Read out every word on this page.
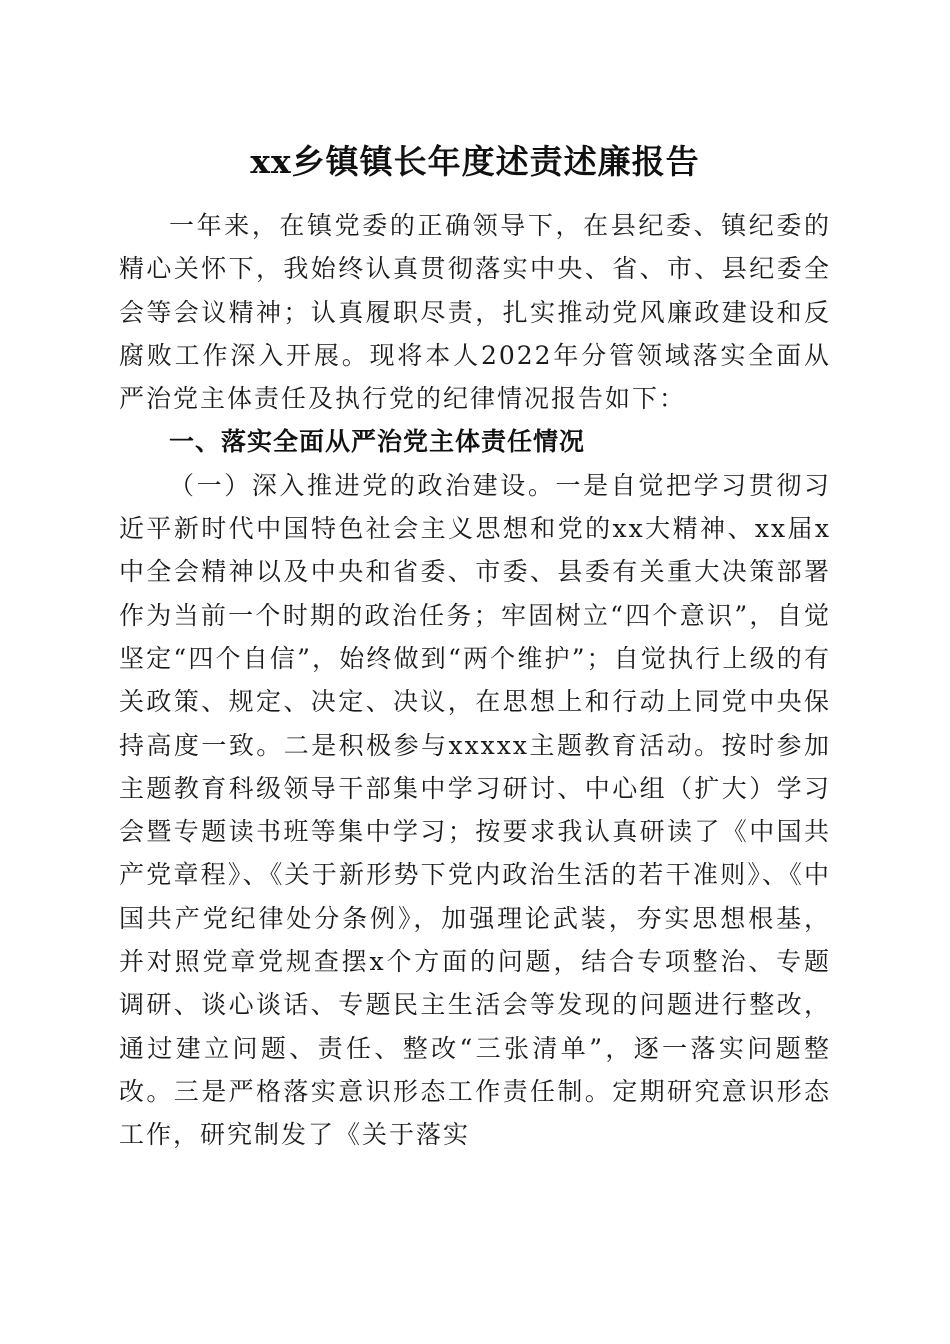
xx乡镇镇长年度述责述廉报告

一年来，在镇党委的正确领导下，在县纪委、镇纪委的精心关怀下，我始终认真贯彻落实中央、省、市、县纪委全会等会议精神；认真履职尽责，扎实推动党风廉政建设和反腐败工作深入开展。现将本人2022年分管领域落实全面从严治党主体责任及执行党的纪律情况报告如下：

一、落实全面从严治党主体责任情况

（一）深入推进党的政治建设。一是自觉把学习贯彻习近平新时代中国特色社会主义思想和党的xx大精神、xx届x中全会精神以及中央和省委、市委、县委有关重大决策部署作为当前一个时期的政治任务；牢固树立“四个意识”，自觉坚定“四个自信”，始终做到“两个维护”；自觉执行上级的有关政策、规定、决定、决议，在思想上和行动上同党中央保持高度一致。二是积极参与xxxxx主题教育活动。按时参加主题教育科级领导干部集中学习研讨、中心组（扩大）学习会暨专题读书班等集中学习；按要求我认真研读了《中国共产党章程》、《关于新形势下党内政治生活的若干准则》、《中国共产党纪律处分条例》，加强理论武装，夯实思想根基，并对照党章党规查摆x个方面的问题，结合专项整治、专题调研、谈心谈话、专题民主生活会等发现的问题进行整改，通过建立问题、责任、整改“三张清单”，逐一落实问题整改。三是严格落实意识形态工作责任制。定期研究意识形态工作，研究制发了《关于落实
